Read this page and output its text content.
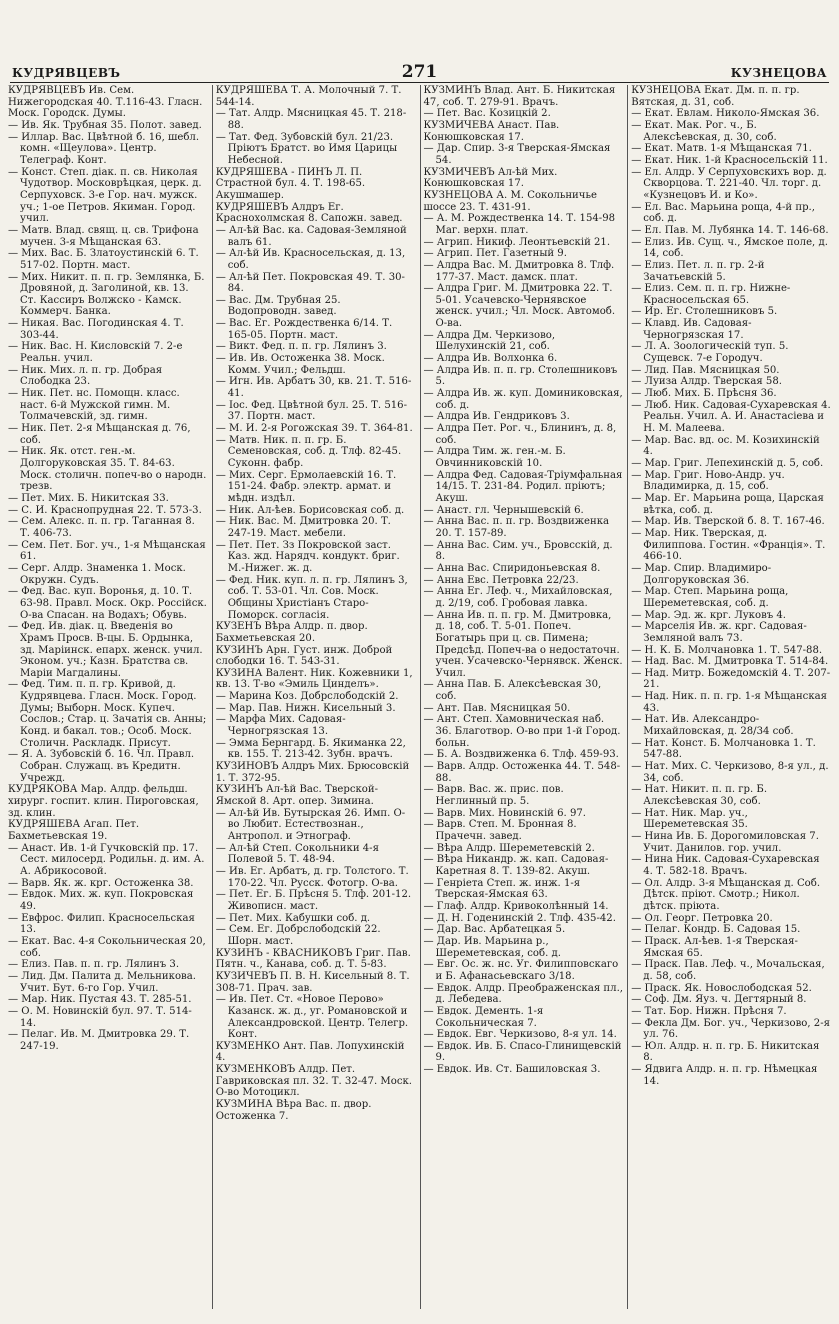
КУДРЯВЦЕВЪ	271	КУЗНЕЦОВА

КУДРЯВЦЕВЪ Ив. Сем. Нижегородская 40. Т.116-43. Гласн. Моск. Городск. Думы.

— Ив. Як. Трубная 35. Полот. завед.

— Иллар. Вас. Цвѣтной б. 16, шебл. комн. «Щеулова». Центр. Телеграф. Конт.

— Конст. Степ. дiак. п. св. Николая Чудотвор. Московрѣцкая, церк. д. Серпуховск. 3-е Гор. нач. мужск. уч.; 1-ое Петров. Якиман. Город. учил.

— Матв. Влад. свящ. ц. св. Трифона мучен. 3-я Мѣщанская 63.

— Мих. Вас. Б. Златоустинскiй 6. Т. 517-02. Портн. маст.

— Мих. Никит. п. п. гр. Землянка, Б. Дровяной, д. Заголиной, кв. 13. Ст. Кассиръ Волжско - Камск. Коммерч. Банка.

— Никая. Вас. Погодинская 4. Т. 303-44.

— Ник. Вас. Н. Кисловскiй 7. 2-е Реальн. учил.

— Ник. Мих. л. п. гр. Добрая Слободка 23.

— Ник. Пет. нс. Помощн. класс. наст. 6-й Мужской гимн. М. Толмачевскiй, зд. гимн.

— Ник. Пет. 2-я Мѣщанская д. 76, соб.

— Ник. Як. отст. ген.-м. Долгоруковская 35. Т. 84-63. Моск. столичн. попеч-во о народн. трезв.

— Пет. Мих. Б. Никитская 33.

— С. И. Краснопрудная 22. Т. 573-3.

— Сем. Алекс. п. п. гр. Таганная 8. Т. 406-73.

— Сем. Пет. Бог. уч., 1-я Мѣщанская 61.

— Серг. Алдр. Знаменка 1. Моск. Окружн. Судъ.

— Фед. Вас. куп. Воронья, д. 10. Т. 63-98. Правл. Моск. Окр. Россiйск. О-ва Спасан. на Водахъ; Обувь.

— Фед. Ив. дiак. ц. Введенiя во Храмъ Просв. В-цы. Б. Ордынка, зд. Марiинск. епарх. женск. учил. Эконом. уч.; Казн. Братства св. Марiи Магдалины.

— Фед. Тим. п. п. гр. Кривой, д. Кудрявцева. Гласн. Моск. Город. Думы; Выборн. Моск. Купеч. Сослов.; Стар. ц. Зачатiя св. Анны; Конд. и бакал. тов.; Особ. Моск. Столичн. Раскладк. Присут.

— Я. А. Зубовскiй б. 16. Чл. Правл. Собран. Служащ. въ Кредитн. Учрежд.

КУДРЯКОВА Мар. Алдр. фельдш. хирург. госпит. клин. Пироговская, зд. клин.

КУДРЯШЕВА Агап. Пет. Бахметьевская 19.

— Анаст. Ив. 1-й Гучковскiй пр. 17. Сест. милосерд. Родильн. д. им. А. А. Абрикосовой.

— Варв. Як. ж. крг. Остоженка 38.

— Евдок. Мих. ж. куп. Покровская 49.

— Евфрос. Филип. Красносельская 13.

— Екат. Вас. 4-я Сокольническая 20, соб.

— Елиз. Пав. п. п. гр. Лялинъ 3.

— Лид. Дм. Палита д. Мельникова. Учит. Бут. 6-го Гор. Учил.

— Мар. Ник. Пустая 43. Т. 285-51.

— О. М. Новинскiй бул. 97. Т. 514-14.

— Пелаг. Ив. М. Дмитровка 29. Т. 247-19.

КУДРЯШЕВА Т. А. Молочный 7. Т. 544-14.

— Тат. Алдр. Мясницкая 45. Т. 218-88.

— Тат. Фед. Зубовскiй бул. 21/23. Прiютъ Братст. во Имя Царицы Небесной.

КУДРЯШЕВА - ПИНЪ Л. П. Страстной бул. 4. Т. 198-65. Акушмашер.

КУДРЯШЕВЪ Алдръ Ег. Краснохолмская 8. Сапожн. завед.

— Ал-ѣй Вас. ка. Садовая-Земляной валъ 61.

— Ал-ѣй Ив. Красносельская, д. 13, соб.

— Ал-ѣй Пет. Покровская 49. Т. 30-84.

— Вас. Дм. Трубная 25. Водопроводн. завед.

— Вас. Ег. Рождественка 6/14. Т. 165-05. Портн. маст.

— Викт. Фед. п. п. гр. Лялинъ 3.

— Ив. Ив. Остоженка 38. Моск. Комм. Учил.; Фельдш.

— Игн. Ив. Арбатъ 30, кв. 21. Т. 516-41.

— Iос. Фед. Цвѣтной бул. 25. Т. 516-37. Портн. маст.

— М. И. 2-я Рогожская 39. Т. 364-81.

— Матв. Ник. п. п. гр. Б. Семеновская, соб. д. Тлф. 82-45. Суконн. фабр.

— Мих. Серг. Ермолаевскiй 16. Т. 151-24. Фабр. электр. армат. и мѣдн. издѣл.

— Ник. Ал-ѣев. Борисовская соб. д.

— Ник. Вас. М. Дмитровка 20. Т. 247-19. Маст. мебели.

— Пет. Пет. Зз Покровской заст. Каз. жд. Нарядч. кондукт. бриг. М.-Нижег. ж. д.

— Фед. Ник. куп. л. п. гр. Лялинъ 3, соб. Т. 53-01. Чл. Сов. Моск. Общины Христiанъ Старо-Поморск. согласiя.

КУЗЕНЪ Вѣра Алдр. п. двор. Бахметьевская 20.

КУЗИНЪ Арн. Густ. инж. Доброй слободки 16. Т. 543-31.

КУЗИНА Валент. Ник. Кожевники 1, кв. 13. Т-во «Эмиль Цинделъ».

— Марина Коз. Добрслободскiй 2.

— Мар. Пав. Нижн. Кисельный 3.

— Марфа Мих. Садовая-Черногрязская 13.

— Эмма Бернгард. Б. Якиманка 22, кв. 155. Т. 213-42. Зубн. врачъ.

КУЗИНОВЪ Алдръ Мих. Брюсовскiй 1. Т. 372-95.

КУЗИНЪ Ал-ѣй Вас. Тверской-Ямской 8. Арт. опер. Зимина.

— Ал-ѣй Ив. Бутырская 26. Имп. О-во Любит. Естествознан., Антропол. и Этнограф.

— Ал-ѣй Степ. Сокольники 4-я Полевой 5. Т. 48-94.

— Ив. Ег. Арбатъ, д. гр. Толстого. Т. 170-22. Чл. Русск. Фотогр. О-ва.

— Пет. Ег. Б. Прѣсня 5. Тлф. 201-12. Живописн. маст.

— Пет. Мих. Кабушки соб. д.

— Сем. Ег. Добрслободскiй 22. Шорн. маст.

КУЗИНЪ - КВАСНИКОВЪ Григ. Пав. Пятн. ч., Канава, соб. д. Т. 5-83.

КУЗИЧЕВЪ П. В. Н. Кисельный 8. Т. 308-71. Прач. зав.

— Ив. Пет. Ст. «Новое Перово» Казанск. ж. д., уг. Романовской и Александровской. Центр. Телегр. Конт.

КУЗМЕНКО Ант. Пав. Лопухинскiй 4.

КУЗМЕНКОВЪ Алдр. Пет. Гавриковская пл. 32. Т. 32-47. Моск. О-во Мотоцикл.

КУЗМИНА Вѣра Вас. п. двор. Остоженка 7.

КУЗМИНЪ Влад. Ант. Б. Никитская 47, соб. Т. 279-91. Врачъ.

— Пет. Вас. Козицкiй 2.

КУЗМИЧЕВА Анаст. Пав. Конюшковская 17.

— Дар. Спир. 3-я Тверская-Ямская 54.

КУЗМИЧЕВЪ Ал-ѣй Мих. Конюшковская 17.

КУЗНЕЦОВА А. М. Сокольничье шоссе 23. Т. 431-91.

— А. М. Рождественка 14. Т. 154-98 Маг. верхн. плат.

— Агрип. Никиф. Леонтьевскiй 21.

— Агрип. Пет. Газетный 9.

— Алдра Вас. М. Дмитровка 8. Тлф. 177-37. Маст. дамск. плат.

— Алдра Григ. М. Дмитровка 22. Т. 5-01. Усачевско-Чернявское женск. учил.; Чл. Моск. Автомоб. О-ва.

— Алдра Дм. Черкизово, Шелухинскiй 21, соб.

— Алдра Ив. Волхонка 6.

— Алдра Ив. п. п. гр. Столешниковъ 5.

— Алдра Ив. ж. куп. Доминиковская, соб. д.

— Алдра Ив. Гендриковъ 3.

— Алдра Пет. Рог. ч., Блининъ, д. 8, соб.

— Алдра Тим. ж. ген.-м. Б. Овчинниковскiй 10.

— Алдра Фед. Садовая-Трiумфальная 14/15. Т. 231-84. Родил. прiютъ; Акуш.

— Анаст. гл. Чернышевскiй 6.

— Анна Вас. п. п. гр. Воздвиженка 20. Т. 157-89.

— Анна Вас. Сим. уч., Бровсскiй, д. 8.

— Анна Вас. Спиридоньевская 8.

— Анна Евс. Петровка 22/23.

— Анна Ег. Леф. ч., Михайловская, д. 2/19, соб. Гробовая лавка.

— Анна Ив. п. п. гр. М. Дмитровка, д. 18, соб. Т. 5-01. Попеч. Богатырь при ц. св. Пимена; Предсѣд. Попеч-ва о недостаточн. учен. Усачевско-Чернявск. Женск. Учил.

— Анна Пав. Б. Алексѣевская 30, соб.

— Ант. Пав. Мясницкая 50.

— Ант. Степ. Хамовническая наб. 36. Благотвор. О-во при 1-й Город. больн.

— Б. А. Воздвиженка 6. Тлф. 459-93.

— Варв. Алдр. Остоженка 44. Т. 548-88.

— Варв. Вас. ж. прис. пов. Неглинный пр. 5.

— Варв. Мих. Новинскiй 6. 97.

— Варв. Степ. М. Бронная 8. Прачечн. завед.

— Вѣра Алдр. Шереметевскiй 2.

— Вѣра Никандр. ж. кап. Садовая-Каретная 8. Т. 139-82. Акуш.

— Генрiета Степ. ж. инж. 1-я Тверская-Ямская 63.

— Глаф. Алдр. Кривоколѣнный 14.

— Д. Н. Годенинскiй 2. Тлф. 435-42.

— Дар. Вас. Арбатецкая 5.

— Дар. Ив. Марьина р., Шереметевская, соб. д.

— Евг. Ос. ж. нс. Уг. Филипповскаго и Б. Афанасьевскаго 3/18.

— Евдок. Алдр. Преображенская пл., д. Лебедева.

— Евдок. Дементь. 1-я Сокольническая 7.

— Евдок. Евг. Черкизово, 8-я ул. 14.

— Евдок. Ив. Б. Спасо-Глинищевскiй 9.

— Евдок. Ив. Ст. Башиловская 3.

КУЗНЕЦОВА Екат. Дм. п. п. гр. Вятская, д. 31, соб.

— Екат. Евлам. Николо-Ямская 36.

— Екат. Мак. Рог. ч., Б. Алексѣевская, д. 30, соб.

— Екат. Матв. 1-я Мѣщанская 71.

— Екат. Ник. 1-й Красносельскiй 11.

— Ел. Алдр. У Серпуховскихъ вор. д. Скворцова. Т. 221-40. Чл. торг. д. «Кузнецовъ И. и Ко».

— Ел. Вас. Марьина роща, 4-й пр., соб. д.

— Ел. Пав. М. Лубянка 14. Т. 146-68.

— Елиз. Ив. Сущ. ч., Ямское поле, д. 14, соб.

— Елиз. Пет. л. п. гр. 2-й Зачатьевскiй 5.

— Елиз. Сем. п. п. гр. Нижне-Красносельская 65.

— Ир. Ег. Столешниковъ 5.

— Клавд. Ив. Садовая-Черногрязская 17.

— Л. А. Зоологическiй туп. 5. Сущевск. 7-е Городуч.

— Лид. Пав. Мясницкая 50.

— Луиза Алдр. Тверская 58.

— Люб. Мих. Б. Прѣсня 36.

— Люб. Ник. Садовая-Сухаревская 4. Реальн. Учил. А. И. Анастасiева и Н. М. Малеева.

— Мар. Вас. вд. ос. М. Козихинскiй 4.

— Мар. Григ. Лепехинскiй д. 5, соб.

— Мар. Григ. Ново-Андр. уч. Владимирка, д. 15, соб.

— Мар. Ег. Марьина роща, Царская вѣтка, соб. д.

— Мар. Ив. Тверской б. 8. Т. 167-46.

— Мар. Ник. Тверская, д. Филиппова. Гостин. «Францiя». Т. 466-10.

— Мар. Спир. Владимиро-Долгоруковская 36.

— Мар. Степ. Марьина роща, Шереметевская, соб. д.

— Мар. Эд. ж. крг. Луковъ 4.

— Марселiя Ив. ж. крг. Садовая-Земляной валъ 73.

— Н. К. Б. Молчановка 1. Т. 547-88.

— Над. Вас. М. Дмитровка Т. 514-84.

— Над. Митр. Божедомскiй 4. Т. 207-21.

— Над. Ник. п. п. гр. 1-я Мѣщанская 43.

— Нат. Ив. Александро-Михайловская, д. 28/34 соб.

— Нат. Конст. Б. Молчановка 1. Т. 547-88.

— Нат. Мих. С. Черкизово, 8-я ул., д. 34, соб.

— Нат. Никит. п. п. гр. Б. Алексѣевская 30, соб.

— Нат. Ник. Мар. уч., Шереметевская 35.

— Нина Ив. Б. Дорогомиловская 7. Учит. Данилов. гор. учил.

— Нина Ник. Садовая-Сухаревская 4. Т. 582-18. Врачъ.

— Ол. Алдр. 3-я Мѣщанская д. Соб. Дѣтск. прiют. Смотр.; Никол. дѣтск. прiюта.

— Ол. Георг. Петровка 20.

— Пелаг. Кондр. Б. Садовая 15.

— Праск. Ал-ѣев. 1-я Тверская-Ямская 65.

— Праск. Пав. Леф. ч., Мочальская, д. 58, соб.

— Праск. Як. Новослободская 52.

— Соф. Дм. Яуз. ч. Дегтярный 8.

— Тат. Бор. Нижн. Прѣсня 7.

— Фекла Дм. Бог. уч., Черкизово, 2-я ул. 76.

— Юл. Алдр. н. п. гр. Б. Никитская 8.

— Ядвига Алдр. н. п. гр. Нѣмецкая 14.
